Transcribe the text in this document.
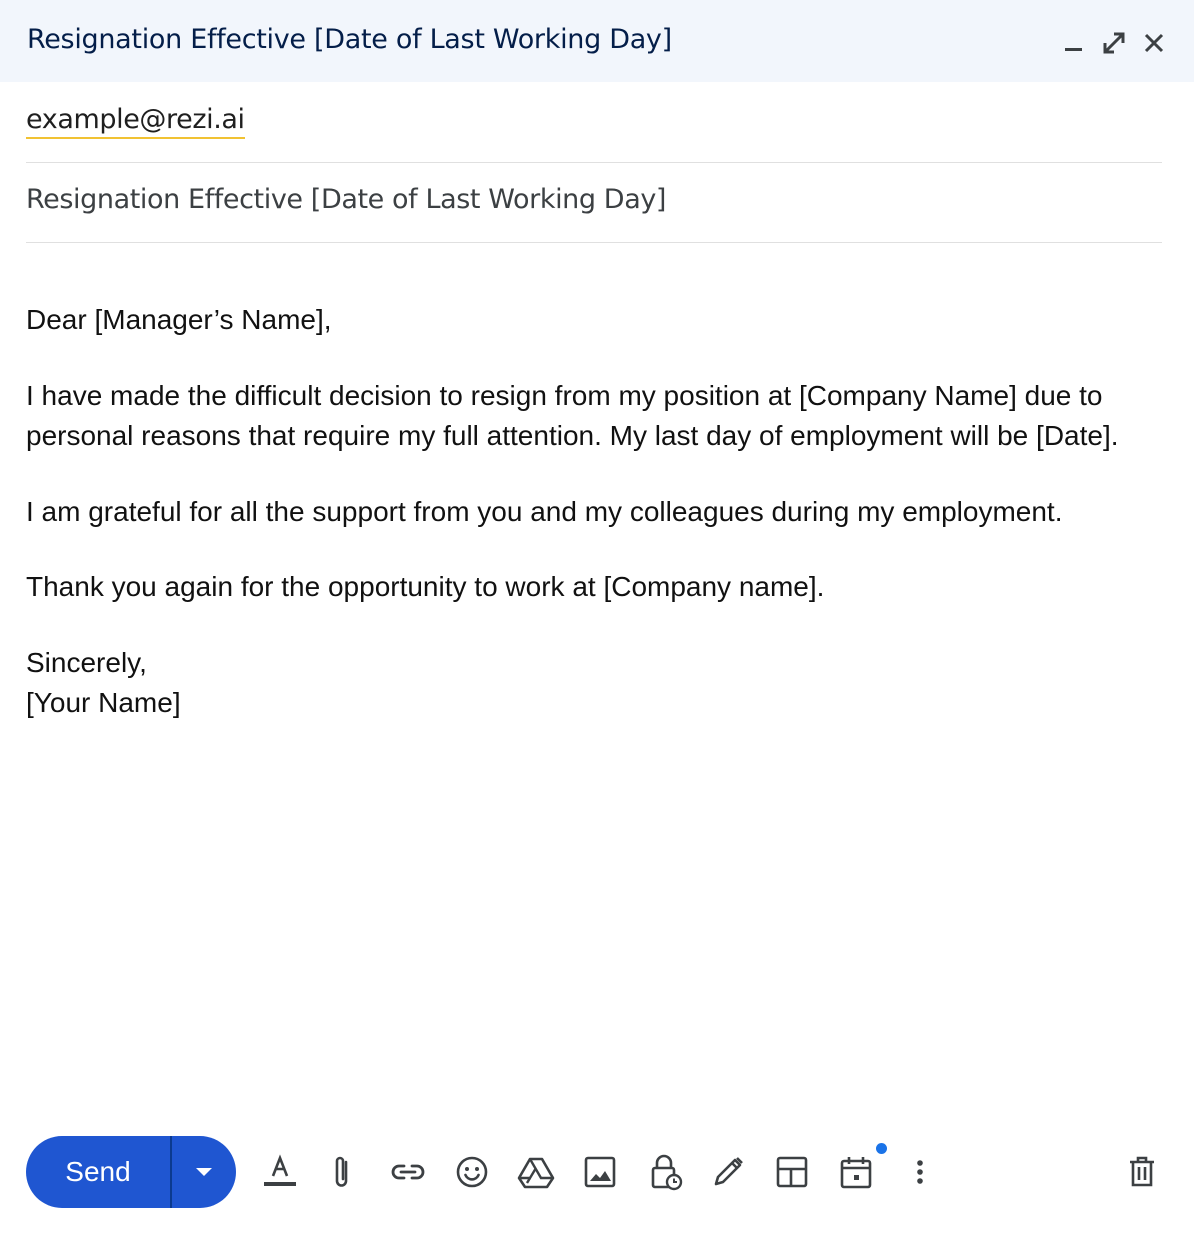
Resignation Effective [Date of Last Working Day]
example@rezi.ai
Resignation Effective [Date of Last Working Day]

Dear [Manager’s Name],

I have made the difficult decision to resign from my position at [Company Name] due to personal reasons that require my full attention. My last day of employment will be [Date].

I am grateful for all the support from you and my colleagues during my employment.

Thank you again for the opportunity to work at [Company name].

Sincerely,
[Your Name]
Send
